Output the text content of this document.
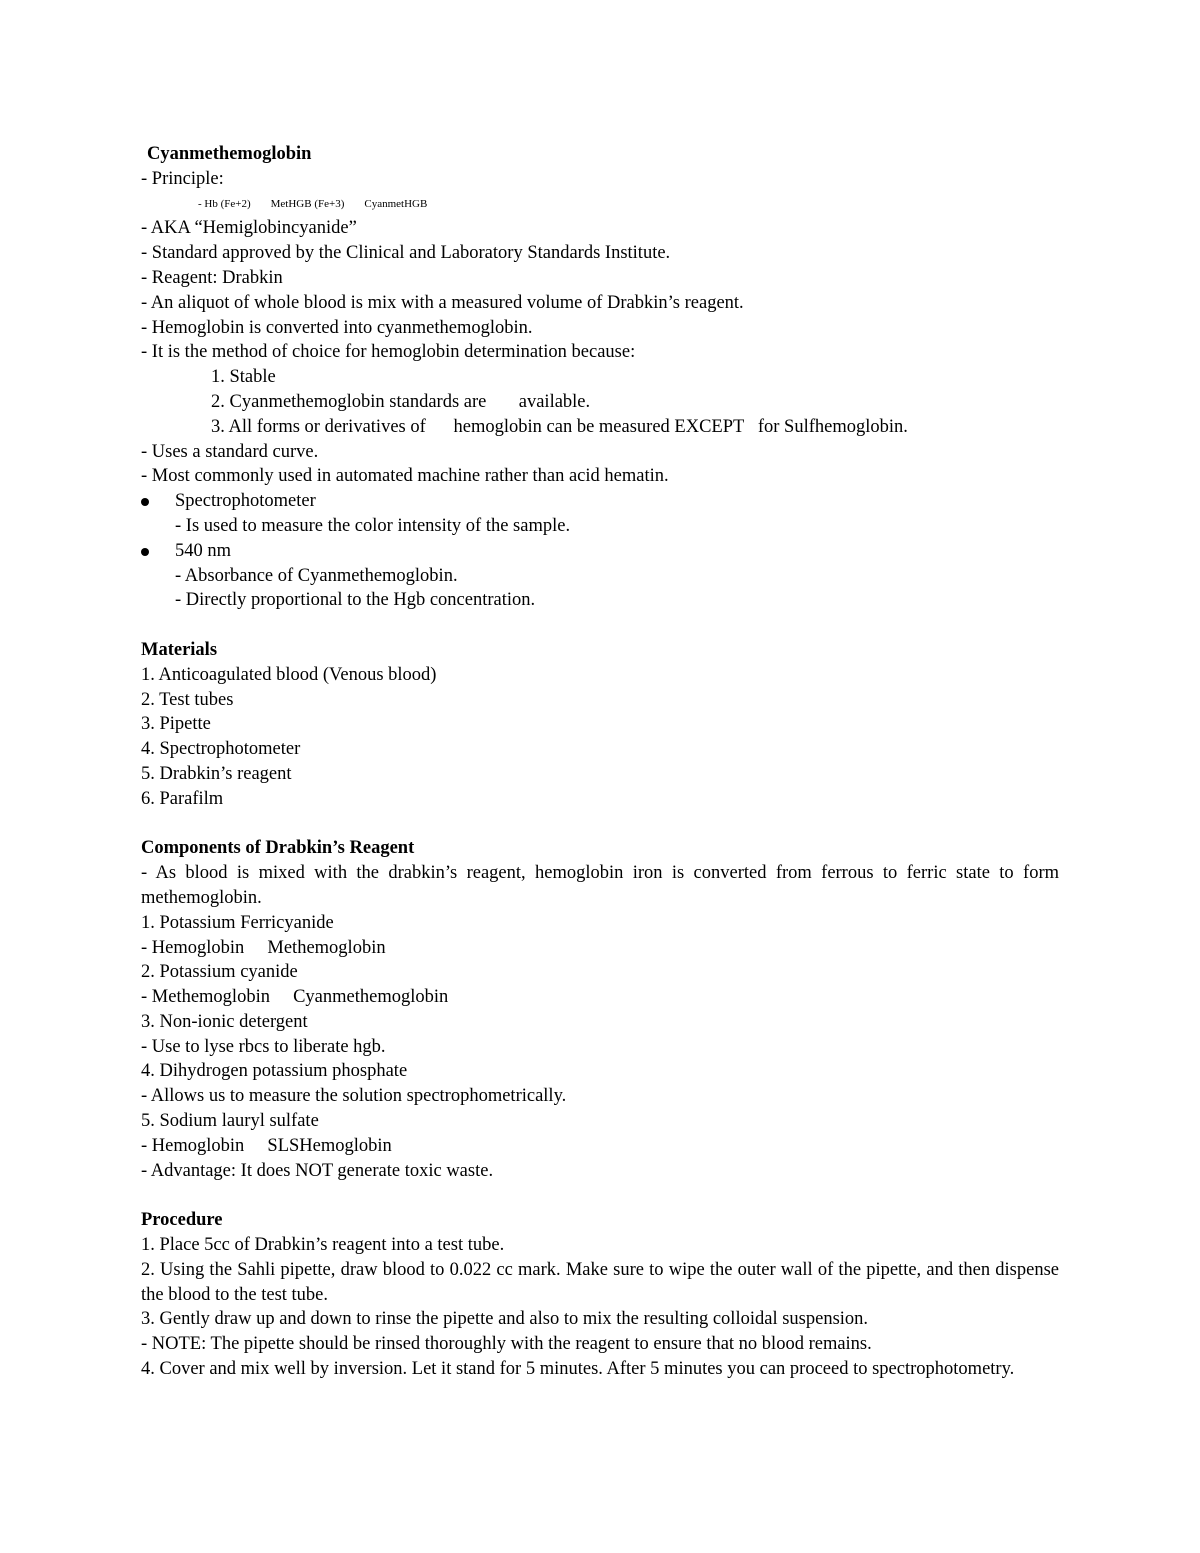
Cyanmethemoglobin
- Principle:
- Hb (Fe+2) MetHGB (Fe+3) CyanmetHGB
- AKA “Hemiglobincyanide”
- Standard approved by the Clinical and Laboratory Standards Institute.
- Reagent: Drabkin
- An aliquot of whole blood is mix with a measured volume of Drabkin’s reagent.
- Hemoglobin is converted into cyanmethemoglobin.
- It is the method of choice for hemoglobin determination because:
1. Stable
2. Cyanmethemoglobin standards are       available.
3. All forms or derivatives of      hemoglobin can be measured EXCEPT   for Sulfhemoglobin.
- Uses a standard curve.
- Most commonly used in automated machine rather than acid hematin.
Spectrophotometer
- Is used to measure the color intensity of the sample.
540 nm
- Absorbance of Cyanmethemoglobin.
- Directly proportional to the Hgb concentration.
Materials
1. Anticoagulated blood (Venous blood)
2. Test tubes
3. Pipette
4. Spectrophotometer
5. Drabkin’s reagent
6. Parafilm
Components of Drabkin’s Reagent
- As blood is mixed with the drabkin’s reagent, hemoglobin iron is converted from ferrous to ferric state to form methemoglobin.
1. Potassium Ferricyanide
- Hemoglobin     Methemoglobin
2. Potassium cyanide
- Methemoglobin     Cyanmethemoglobin
3. Non-ionic detergent
- Use to lyse rbcs to liberate hgb.
4. Dihydrogen potassium phosphate
- Allows us to measure the solution spectrophometrically.
5. Sodium lauryl sulfate
- Hemoglobin     SLSHemoglobin
- Advantage: It does NOT generate toxic waste.
Procedure
1. Place 5cc of Drabkin’s reagent into a test tube.
2. Using the Sahli pipette, draw blood to 0.022 cc mark. Make sure to wipe the outer wall of the pipette, and then dispense the blood to the test tube.
3. Gently draw up and down to rinse the pipette and also to mix the resulting colloidal suspension.
- NOTE: The pipette should be rinsed thoroughly with the reagent to ensure that no blood remains.
4. Cover and mix well by inversion. Let it stand for 5 minutes. After 5 minutes you can proceed to spectrophotometry.
